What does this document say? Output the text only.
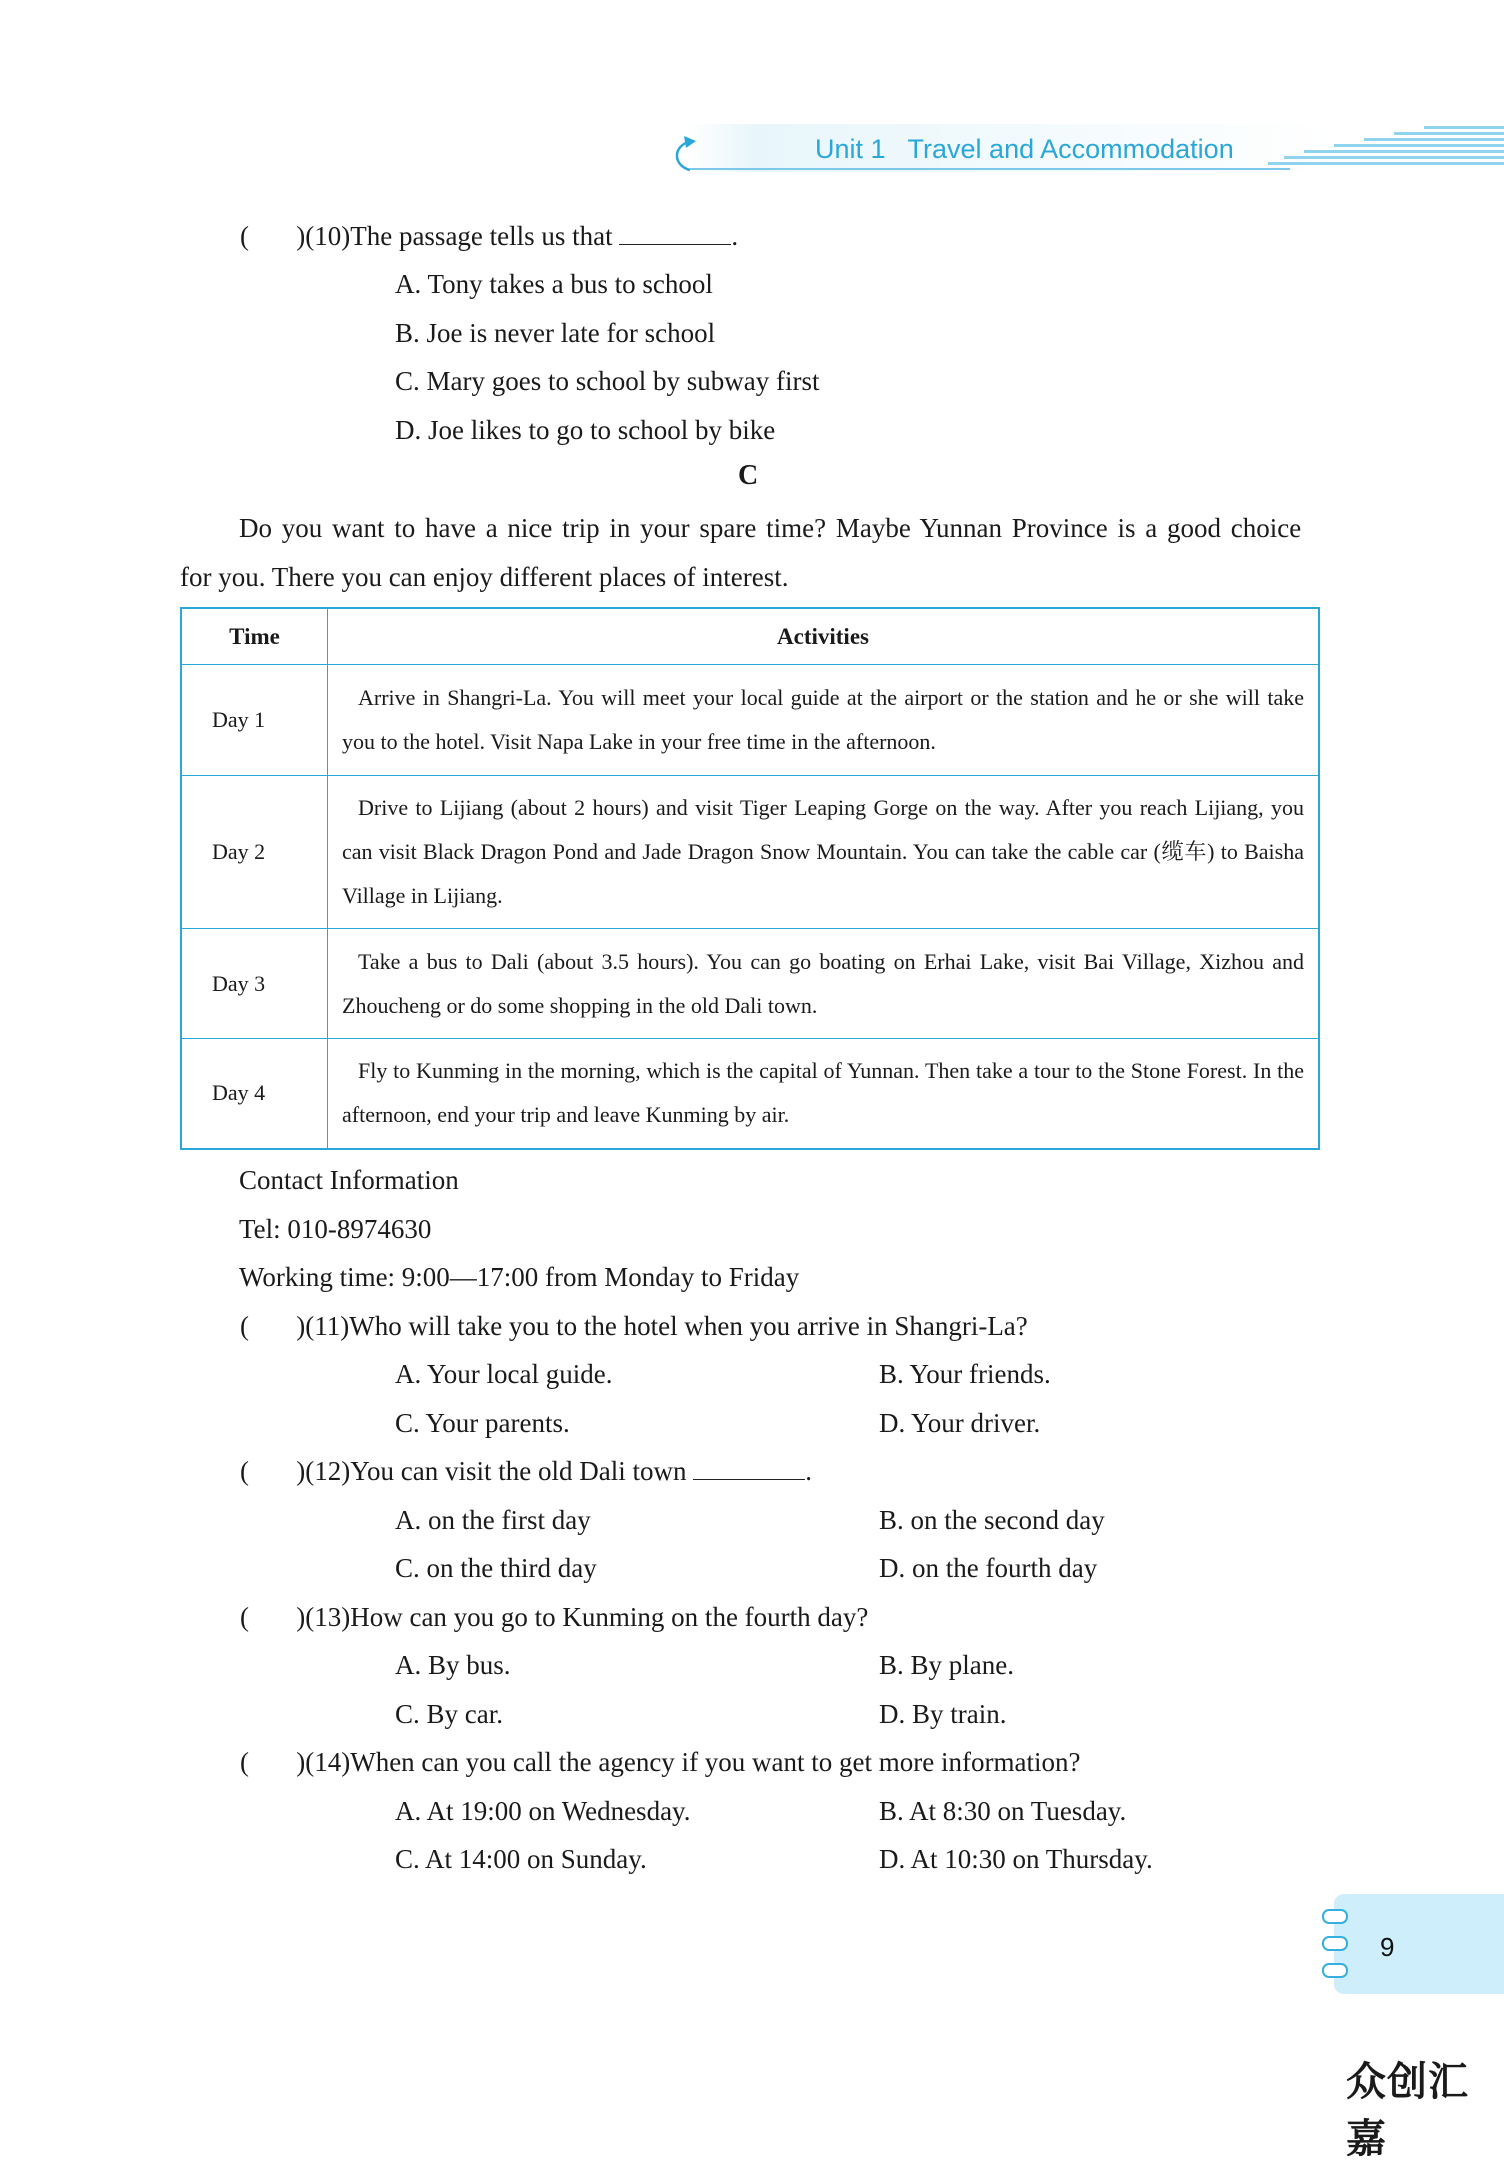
Unit 1 Travel and Accommodation
(       )(10)The passage tells us that	.
A. Tony takes a bus to school
B. Joe is never late for school
C. Mary goes to school by subway first
D. Joe likes to go to school by bike
C
Do you want to have a nice trip in your spare time? Maybe Yunnan Province is a good choice
for you. There you can enjoy different places of interest.
Time	Activities
Day 1	Arrive in Shangri-La. You will meet your local guide at the airport or the station and he or she will take you to the hotel. Visit Napa Lake in your free time in the afternoon.
Day 2	Drive to Lijiang (about 2 hours) and visit Tiger Leaping Gorge on the way. After you reach Lijiang, you can visit Black Dragon Pond and Jade Dragon Snow Mountain. You can take the cable car (缆车) to Baisha Village in Lijiang.
Day 3	Take a bus to Dali (about 3.5 hours). You can go boating on Erhai Lake, visit Bai Village, Xizhou and Zhoucheng or do some shopping in the old Dali town.
Day 4	Fly to Kunming in the morning, which is the capital of Yunnan. Then take a tour to the Stone Forest. In the afternoon, end your trip and leave Kunming by air.
Contact Information
Tel: 010-8974630
Working time: 9:00—17:00 from Monday to Friday
(       )(11)Who will take you to the hotel when you arrive in Shangri-La?
A. Your local guide.	B. Your friends.
C. Your parents.	D. Your driver.
(       )(12)You can visit the old Dali town	.
A. on the first day	B. on the second day
C. on the third day	D. on the fourth day
(       )(13)How can you go to Kunming on the fourth day?
A. By bus.	B. By plane.
C. By car.	D. By train.
(       )(14)When can you call the agency if you want to get more information?
A. At 19:00 on Wednesday.	B. At 8:30 on Tuesday.
C. At 14:00 on Sunday.	D. At 10:30 on Thursday.
9
众创汇嘉
